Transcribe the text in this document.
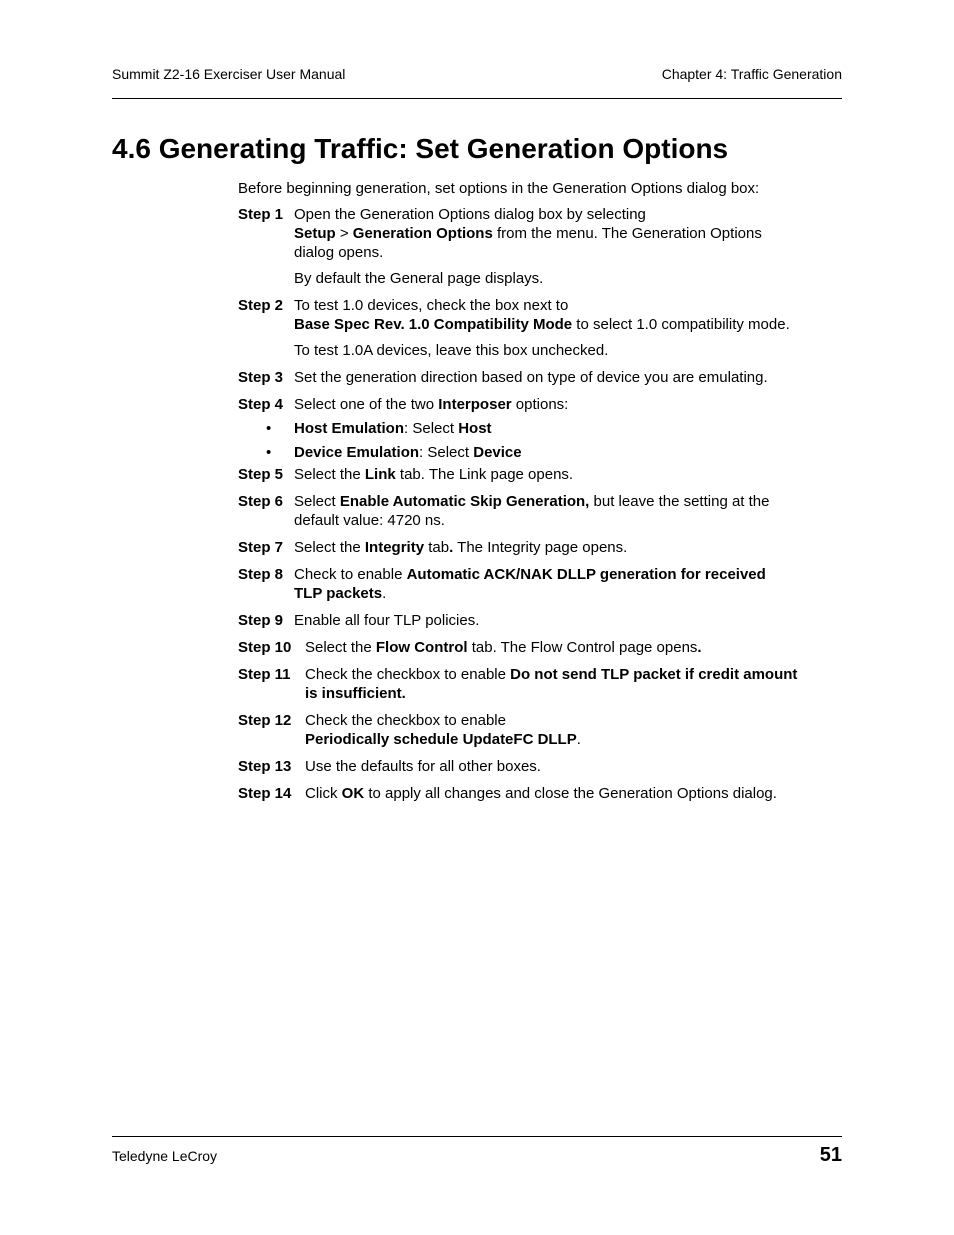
Summit Z2-16 Exerciser User Manual	Chapter 4: Traffic Generation
4.6 Generating Traffic: Set Generation Options

Before beginning generation, set options in the Generation Options dialog box:

Step 1 Open the Generation Options dialog box by selecting
Setup > Generation Options from the menu. The Generation Options dialog opens.

By default the General page displays.

Step 2 To test 1.0 devices, check the box next to
Base Spec Rev. 1.0 Compatibility Mode to select 1.0 compatibility mode.

To test 1.0A devices, leave this box unchecked.

Step 3 Set the generation direction based on type of device you are emulating.

Step 4 Select one of the two Interposer options:

• Host Emulation: Select Host
• Device Emulation: Select Device
Step 5 Select the Link tab. The Link page opens.

Step 6 Select Enable Automatic Skip Generation, but leave the setting at the default value: 4720 ns.

Step 7 Select the Integrity tab. The Integrity page opens.

Step 8 Check to enable Automatic ACK/NAK DLLP generation for received TLP packets.

Step 9 Enable all four TLP policies.

Step 10 Select the Flow Control tab. The Flow Control page opens.

Step 11 Check the checkbox to enable Do not send TLP packet if credit amount is insufficient.

Step 12 Check the checkbox to enable
Periodically schedule UpdateFC DLLP.

Step 13 Use the defaults for all other boxes.

Step 14 Click OK to apply all changes and close the Generation Options dialog.

Teledyne LeCroy	51
